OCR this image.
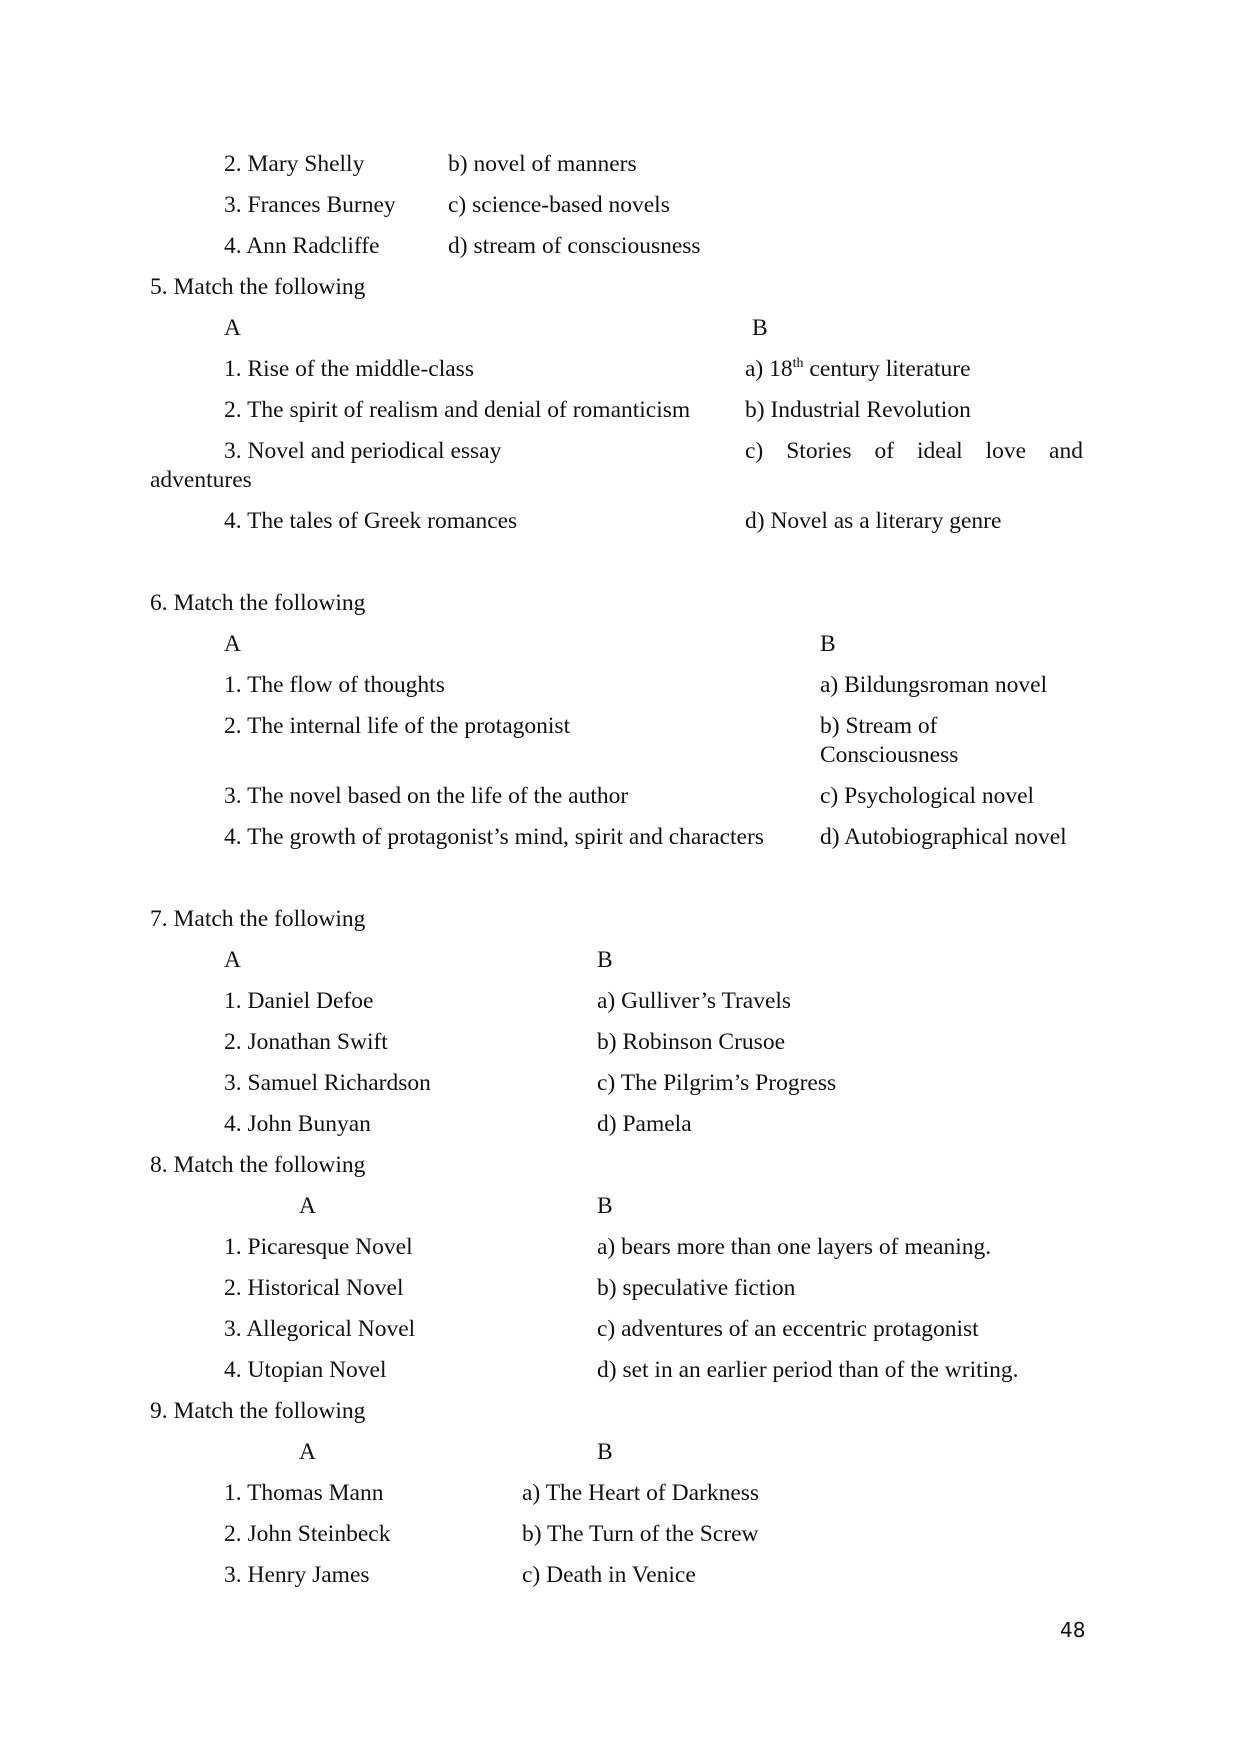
2. Mary Shelly	b) novel of manners
3. Frances Burney c) science-based novels
4. Ann Radcliffe	d) stream of consciousness
5. Match the following
A	B
1. Rise of the middle-class	a) 18th century literature
2. The spirit of realism and denial of romanticism b) Industrial Revolution
3. Novel and periodical essay	c) Stories of ideal love and
adventures
4. The tales of Greek romances	d) Novel as a literary genre
6. Match the following
A	B
1. The flow of thoughts	a) Bildungsroman novel
2. The internal life of the protagonist	b) Stream of
Consciousness
3. The novel based on the life of the author	c) Psychological novel
4. The growth of protagonist’s mind, spirit and characters d) Autobiographical novel
7. Match the following
A	B
1. Daniel Defoe	a) Gulliver’s Travels
2. Jonathan Swift	b) Robinson Crusoe
3. Samuel Richardson	c) The Pilgrim’s Progress
4. John Bunyan	d) Pamela
8. Match the following
A	B
1. Picaresque Novel	a) bears more than one layers of meaning.
2. Historical Novel	b) speculative fiction
3. Allegorical Novel	c) adventures of an eccentric protagonist
4. Utopian Novel	d) set in an earlier period than of the writing.
9. Match the following
A	B
1. Thomas Mann	a) The Heart of Darkness
2. John Steinbeck	b) The Turn of the Screw
3. Henry James	c) Death in Venice
48
